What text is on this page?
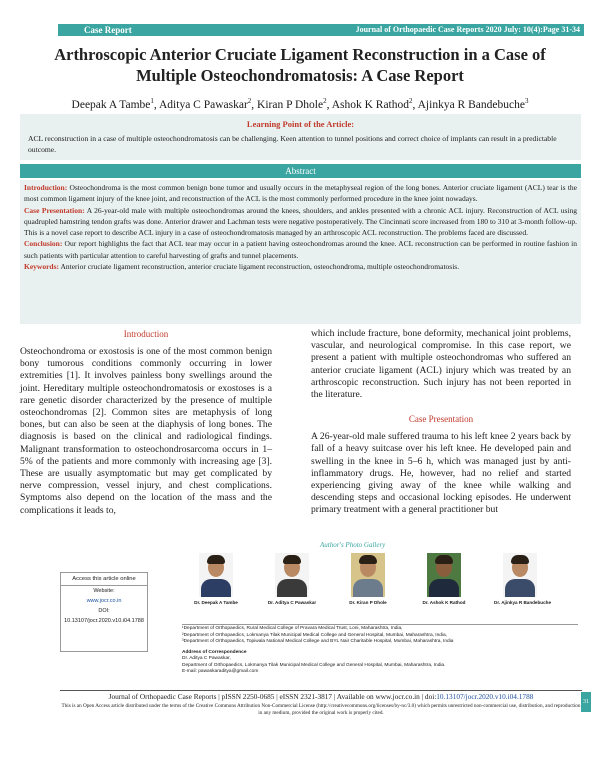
Case Report	Journal of Orthopaedic Case Reports 2020 July: 10(4):Page 31-34
Arthroscopic Anterior Cruciate Ligament Reconstruction in a Case of Multiple Osteochondromatosis: A Case Report
Deepak A Tambe$^1$, Aditya C Pawaskar$^2$, Kiran P Dhole$^2$, Ashok K Rathod$^2$, Ajinkya R Bandebuche$^3$
Learning Point of the Article:
ACL reconstruction in a case of multiple osteochondromatosis can be challenging. Keen attention to tunnel positions and correct choice of implants can result in a predictable outcome.
Abstract

Introduction: Osteochondroma is the most common benign bone tumor and usually occurs in the metaphyseal region of the long bones. Anterior cruciate ligament (ACL) tear is the most common ligament injury of the knee joint, and reconstruction of the ACL is the most commonly performed procedure in the knee joint nowadays.

Case Presentation: A 26-year-old male with multiple osteochondromas around the knees, shoulders, and ankles presented with a chronic ACL injury. Reconstruction of ACL using quadrupled hamstring tendon grafts was done. Anterior drawer and Lachman tests were negative postoperatively. The Cincinnati score increased from 180 to 310 at 3-month follow-up. This is a novel case report to describe ACL injury in a case of osteochondromatosis managed by an arthroscopic ACL reconstruction. The problems faced are discussed.

Conclusion: Our report highlights the fact that ACL tear may occur in a patient having osteochondromas around the knee. ACL reconstruction can be performed in routine fashion in such patients with particular attention to careful harvesting of grafts and tunnel placements.

Keywords: Anterior cruciate ligament reconstruction, anterior cruciate ligament reconstruction, osteochondroma, multiple osteochondromatosis.

Introduction

Osteochondroma or exostosis is one of the most common benign bony tumorous conditions commonly occurring in lower extremities [1]. It involves painless bony swellings around the joint. Hereditary multiple osteochondromatosis or exostoses is a rare genetic disorder characterized by the presence of multiple osteochondromas [2]. Common sites are metaphysis of long bones, but can also be seen at the diaphysis of long bones. The diagnosis is based on the clinical and radiological findings. Malignant transformation to osteochondrosarcoma occurs in 1–5% of the patients and more commonly with increasing age [3]. These are usually asymptomatic but may get complicated by nerve compression, vessel injury, and chest complications. Symptoms also depend on the location of the mass and the complications it leads to,

which include fracture, bone deformity, mechanical joint problems, vascular, and neurological compromise. In this case report, we present a patient with multiple osteochondromas who suffered an anterior cruciate ligament (ACL) injury which was treated by an arthroscopic reconstruction. Such injury has not been reported in the literature.

Case Presentation

A 26-year-old male suffered trauma to his left knee 2 years back by fall of a heavy suitcase over his left knee. He developed pain and swelling in the knee in 5–6 h, which was managed just by anti-inflammatory drugs. He, however, had no relief and started experiencing giving away of the knee while walking and descending steps and occasional locking episodes. He underwent primary treatment with a general practitioner but

Author's Photo Gallery
Access this article online
Website:
www.jocr.co.in
DOI:
10.13107/jocr.2020.v10.i04.1788
Dr. Deepak A Tambe	Dr. Aditya C Pawaskar	Dr. Kiran P Dhole	Dr. Ashok K Rathod	Dr. Ajinkya R Bandebuche
¹Department of Orthopaedics, Rural Medical College of Pravara Medical Trust, Loni, Maharashtra, India,
²Department of Orthopaedics, Lokmanya Tilak Municipal Medical College and General Hospital, Mumbai, Maharashtra, India,
³Department of Orthopaedics, Topiwala National Medical College and BYL Nair Charitable Hospital, Mumbai, Maharashtra, India
Address of Correspondence
Dr. Aditya C Pawaskar,
Department of Orthopaedics, Lokmanya Tilak Municipal Medical College and General Hospital, Mumbai, Maharashtra, India.
E-mail: pawaskaraditya@gmail.com
Journal of Orthopaedic Case Reports | pISSN 2250-0685 | eISSN 2321-3817 | Available on www.jocr.co.in | doi:10.13107/jocr.2020.v10.i04.1788
This is an Open Access article distributed under the terms of the Creative Commons Attribution Non-Commercial License (http://creativecommons.org/licenses/by-nc/3.0) which permits unrestricted non-commercial use, distribution, and reproduction in any medium, provided the original work is properly cited.
31
